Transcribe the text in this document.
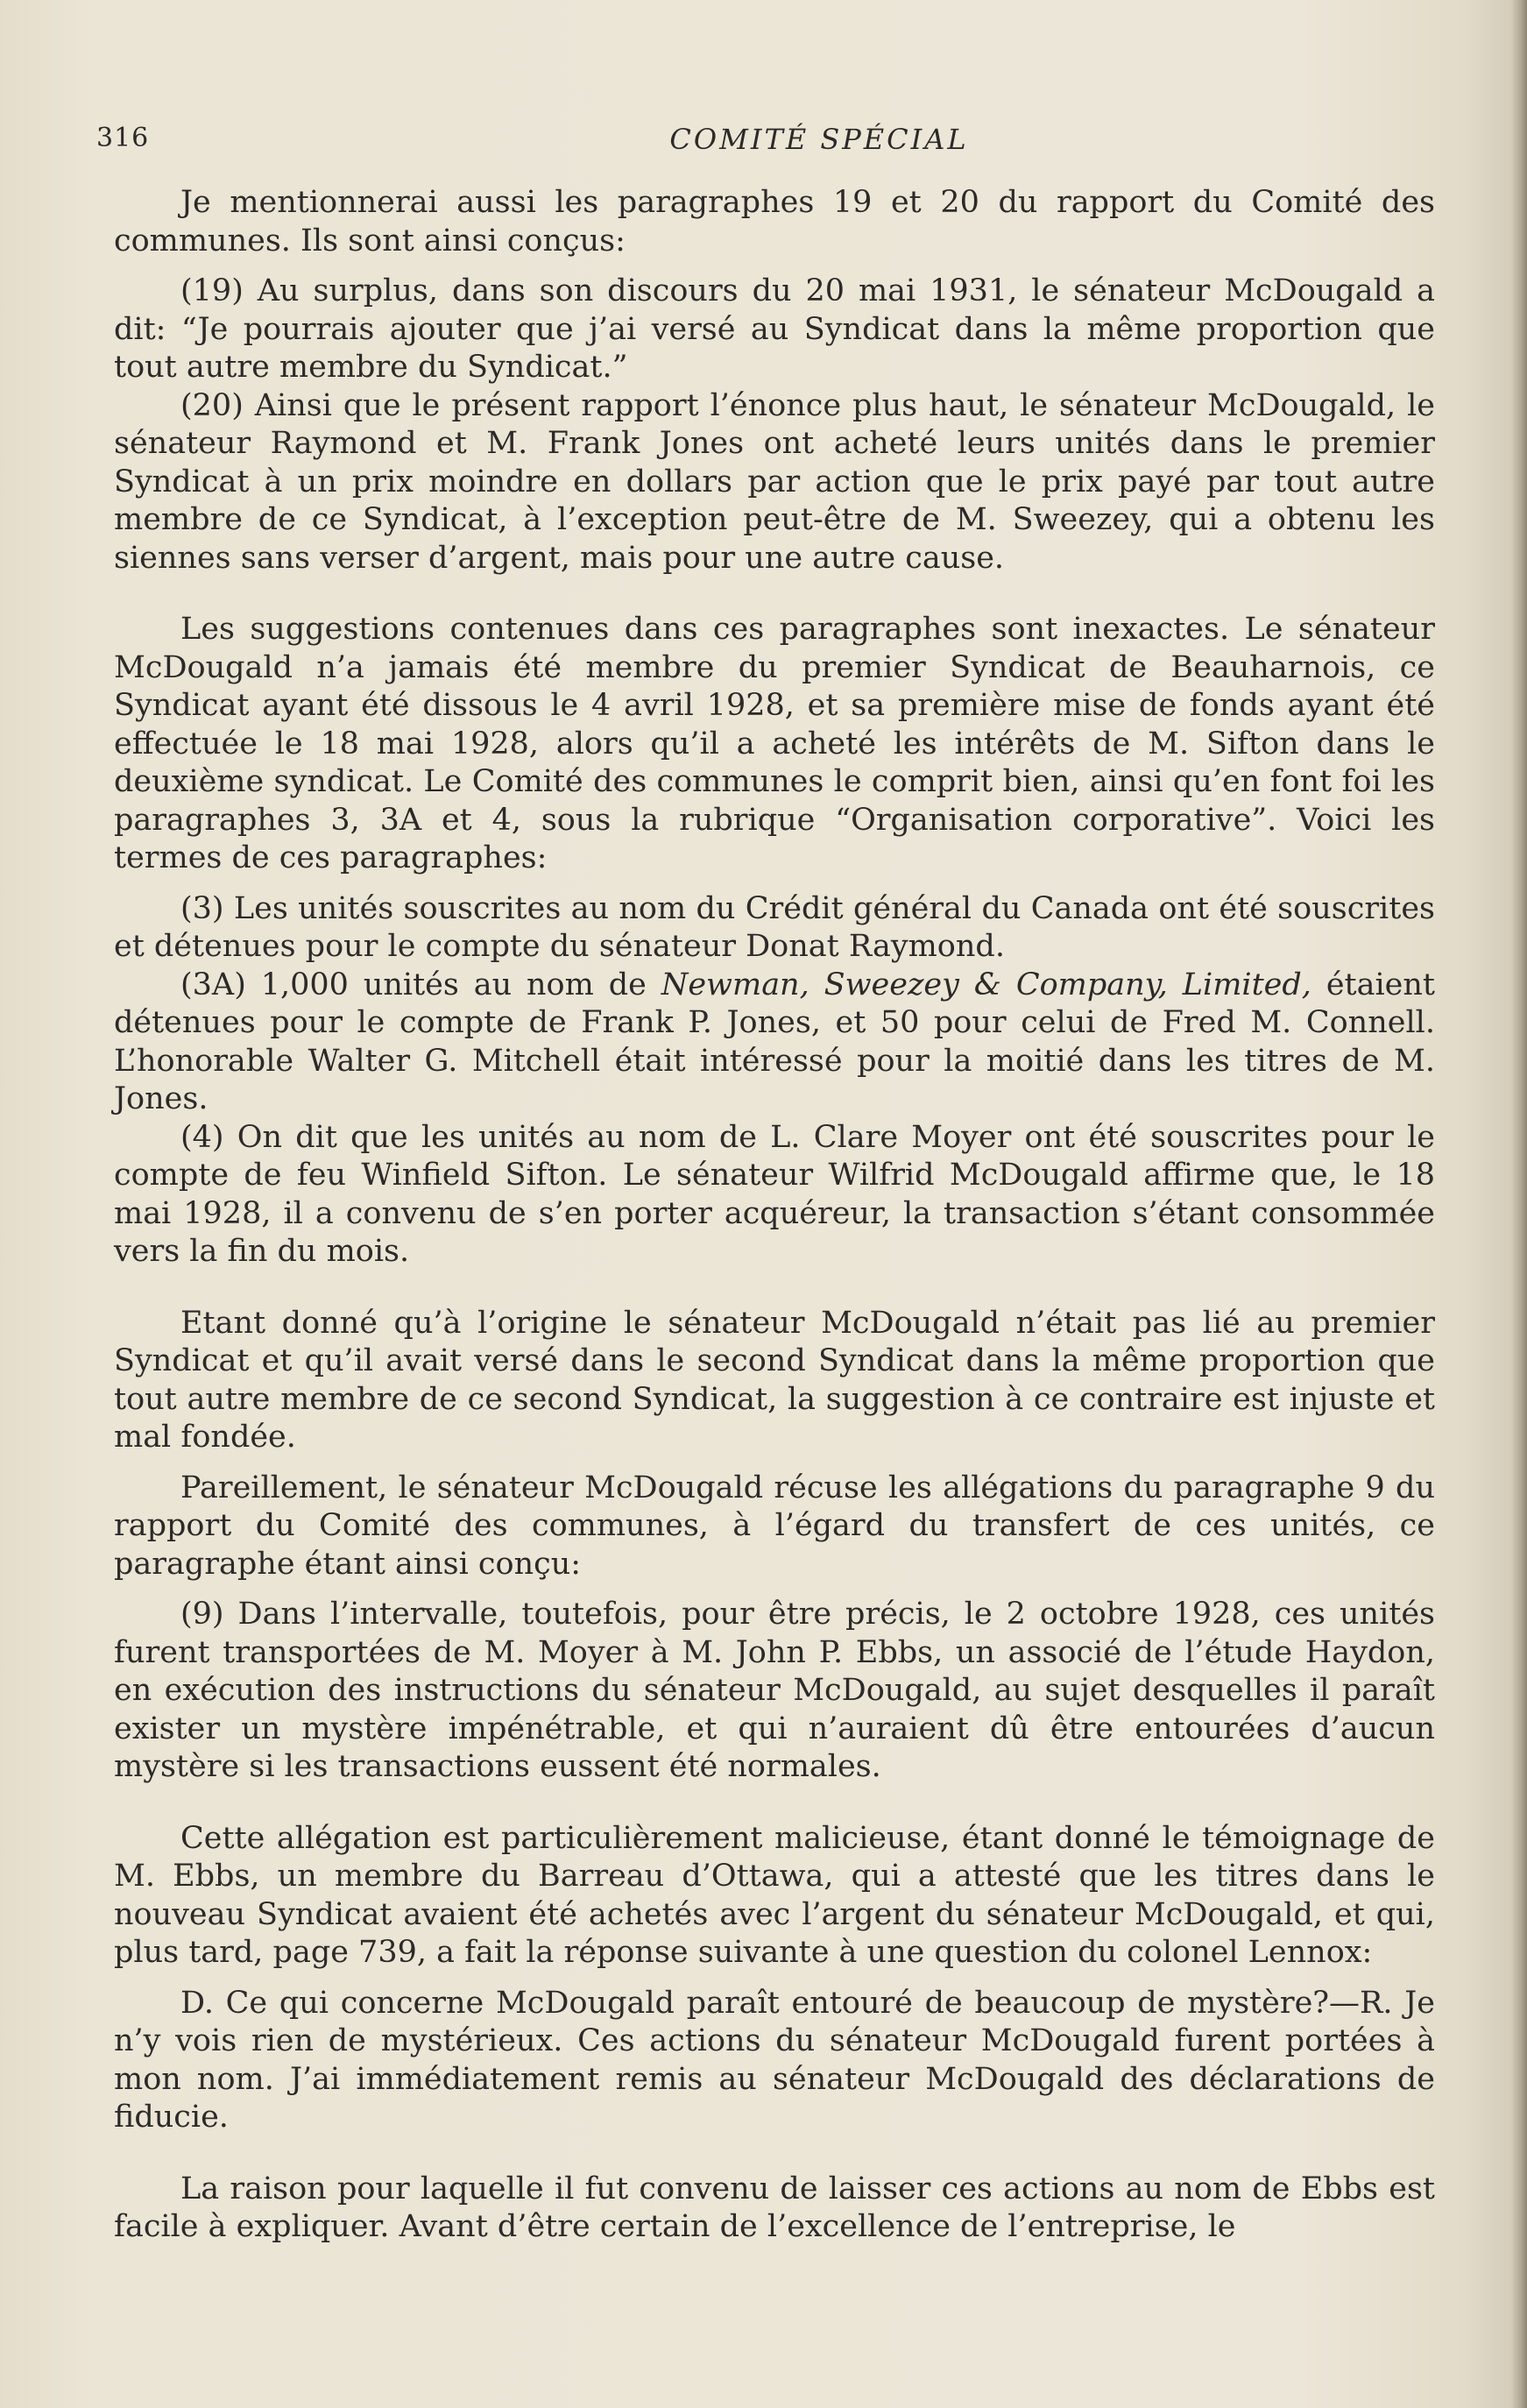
316	COMITÉ SPÉCIAL

Je mentionnerai aussi les paragraphes 19 et 20 du rapport du Comité des communes. Ils sont ainsi conçus:

(19) Au surplus, dans son discours du 20 mai 1931, le sénateur McDougald a dit: “Je pourrais ajouter que j’ai versé au Syndicat dans la même proportion que tout autre membre du Syndicat.”

(20) Ainsi que le présent rapport l’énonce plus haut, le sénateur McDougald, le sénateur Raymond et M. Frank Jones ont acheté leurs unités dans le premier Syndicat à un prix moindre en dollars par action que le prix payé par tout autre membre de ce Syndicat, à l’exception peut-être de M. Sweezey, qui a obtenu les siennes sans verser d’argent, mais pour une autre cause.

Les suggestions contenues dans ces paragraphes sont inexactes. Le sénateur McDougald n’a jamais été membre du premier Syndicat de Beauharnois, ce Syndicat ayant été dissous le 4 avril 1928, et sa première mise de fonds ayant été effectuée le 18 mai 1928, alors qu’il a acheté les intérêts de M. Sifton dans le deuxième syndicat. Le Comité des communes le comprit bien, ainsi qu’en font foi les paragraphes 3, 3A et 4, sous la rubrique “Organisation corporative”. Voici les termes de ces paragraphes:

(3) Les unités souscrites au nom du Crédit général du Canada ont été souscrites et détenues pour le compte du sénateur Donat Raymond.

(3A) 1,000 unités au nom de Newman, Sweezey & Company, Limited, étaient détenues pour le compte de Frank P. Jones, et 50 pour celui de Fred M. Connell. L’honorable Walter G. Mitchell était intéressé pour la moitié dans les titres de M. Jones.

(4) On dit que les unités au nom de L. Clare Moyer ont été souscrites pour le compte de feu Winfield Sifton. Le sénateur Wilfrid McDougald affirme que, le 18 mai 1928, il a convenu de s’en porter acquéreur, la transaction s’étant consommée vers la fin du mois.

Etant donné qu’à l’origine le sénateur McDougald n’était pas lié au premier Syndicat et qu’il avait versé dans le second Syndicat dans la même proportion que tout autre membre de ce second Syndicat, la suggestion à ce contraire est injuste et mal fondée.

Pareillement, le sénateur McDougald récuse les allégations du paragraphe 9 du rapport du Comité des communes, à l’égard du transfert de ces unités, ce paragraphe étant ainsi conçu:

(9) Dans l’intervalle, toutefois, pour être précis, le 2 octobre 1928, ces unités furent transportées de M. Moyer à M. John P. Ebbs, un associé de l’étude Haydon, en exécution des instructions du sénateur McDougald, au sujet desquelles il paraît exister un mystère impénétrable, et qui n’auraient dû être entourées d’aucun mystère si les transactions eussent été normales.

Cette allégation est particulièrement malicieuse, étant donné le témoignage de M. Ebbs, un membre du Barreau d’Ottawa, qui a attesté que les titres dans le nouveau Syndicat avaient été achetés avec l’argent du sénateur McDougald, et qui, plus tard, page 739, a fait la réponse suivante à une question du colonel Lennox:

D. Ce qui concerne McDougald paraît entouré de beaucoup de mystère?—R. Je n’y vois rien de mystérieux. Ces actions du sénateur McDougald furent portées à mon nom. J’ai immédiatement remis au sénateur McDougald des déclarations de fiducie.

La raison pour laquelle il fut convenu de laisser ces actions au nom de Ebbs est facile à expliquer. Avant d’être certain de l’excellence de l’entreprise, le
